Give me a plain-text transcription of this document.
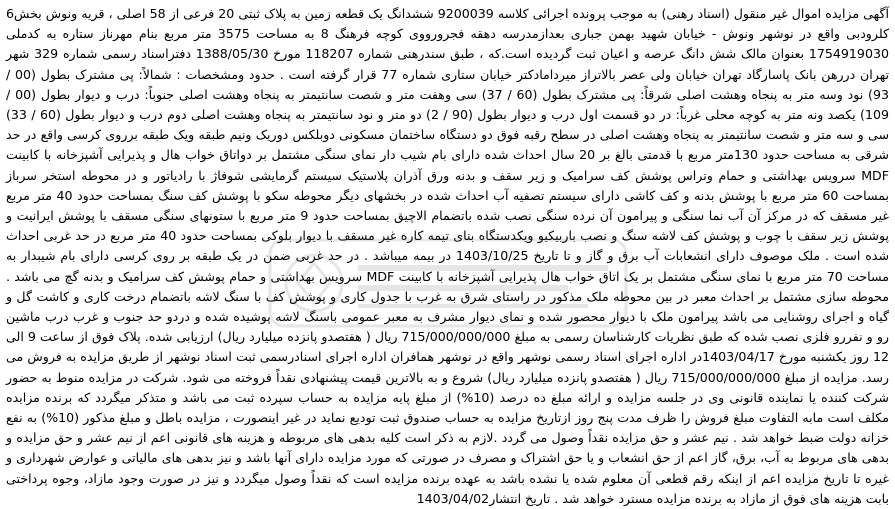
آگهی مزایده اموال غیر منقول (اسناد رهنی) به موجب پرونده اجرائی کلاسه 9200039 ششدانگ یک قطعه زمین به پلاک ثبتی 20 فرعی از 58 اصلی ، قریه ونوش بخش6 کلرودبی واقع در نوشهر ونوش - خیابان شهید بهمن جباری بعدازمدرسه دهقه فجرورووی کوچه فرهنگ 8 به مساحت 3575 متر مربع بنام مهرناز ستاره به کدملی 1754919030 بعنوان مالک شش دانگ عرصه و اعیان ثبت گردیده است.که ، طبق سندرهنی شماره 118207 مورخ 1388/05/30 دفتراسناد رسمی شماره 329 شهر تهران دررهن بانک پاسارگاد تهران خیابان ولی عصر بالاتراز میردامادکتر خیابان ستاری شماره 77 قرار گرفته است . حدود ومشخصات : شمالاً: پی مشترک بطول (00 / 93) نود وسه متر به پنجاه وهشت اصلی شرقاً: پی مشترک بطول (60 / 37) سی وهفت متر و شصت سانتیمتر به پنجاه وهشت اصلی جنوباً: درب و دیوار بطول (00 / 109) یکصد ونه متر به کوچه محلی غرباً: در دو قسمت اول درب و دیوار بطول (90 / 2) دو متر و نود سانتیمتر به پنجاه وهشت اصلی دوم درب و دیوار بطول (60 / 33) سی و سه متر و شصت سانتیمتر به پنجاه وهشت اصلی در سطح رقبه فوق دو دستگاه ساختمان مسکونی دوبلکس دوریک ونیم طبقه ویک طبقه برروی کرسی واقع در حد شرقی به مساحت حدود 130متر مربع با قدمتی بالغ بر 20 سال احداث شده دارای بام شیب دار نمای سنگی مشتمل بر دواتاق خواب هال و پذیرایی آشپزخانه با کابینت MDF سرویس بهداشتی و حمام وتراس پوشش کف سرامیک و زیر سقف و بدنه ورق آذران پلاستیک سیستم گرمایشی شوفاژ با رادیاتور و در محوطه استخر سرباز بمساحت 60 متر مربع با پوشش بدنه و کف کاشی دارای سیستم تصفیه آب احداث شده در بخشهای دیگر محوطه سکو با پوشش کف سنگ بمساحت حدود 40 متر مربع غیر مسقف که در مرکز آن آب نما سنگی و پیرامون آن نرده سنگی نصب شده باتضمام الاچیق بمساحت حدود 9 متر مربع با ستونهای سنگی مسقف با پوشش ایرانیت و پوشش زیر سقف با چوب و پوشش کف لاشه سنگ و نصب باربیکیو ویکدستگاه بنای تیمه کاره غیر مسقف با دیوار بلوکی بمساحت حدود 40 متر مربع در حد غربی احداث شده است . ملک موصوف دارای انشعابات آب برق و گاز و تا تاریخ 1403/10/25 در بیمه میباشد . در حد غربی ضمن در یک طبقه بر روی کرسی دارای بام شیبدار به مساحت 70 متر مربع با نمای سنگی مشتمل بر یک اتاق خواب هال پذیرایی آشپزخانه با کابینت MDF سرویس بهداشتی و حمام پوشش کف سرامیک و بدنه گچ می باشد . محوطه سازی مشتمل بر احداث معبر در بین محوطه ملک مذکور در راستای شرق به غرب با جدول کاری و پوشش کف با سنگ لاشه باتضمام درخت کاری و کاشت گل و گیاه و اجرای روشنایی می باشد پیرامون ملک با دیوار محصور شده و نمای دیوار مشرف به معبر عمومی باسنگ لاشه پوشیده شده و دردو حد جنوب و غرب درب ماشین رو و نفررو فلزی نصب شده که طبق نظریات کارشناسان رسمی به مبلغ 715/000/000/000 ریال ( هفتصدو پانزده میلیارد ریال) ارزیابی شده. پلاک فوق از ساعت 9 الی 12 روز یکشنبه مورخ 1403/04/17در اداره اجرای اسناد رسمی نوشهر واقع در نوشهر همافران اداره اجرای اسنادرسمی ثبت اسناد نوشهر از طریق مزایده به فروش می رسد. مزایده از مبلغ 715/000/000/000 ریال ( هفتصدو پانزده میلیارد ریال) شروع و به بالاترین قیمت پیشنهادی نقداً فروخته می شود. شرکت در مزایده منوط به حضور شرکت کننده یا نماینده قانونی وی در جلسه مزایده و ارائه مبلغ ده درصد (10%) از مبلغ پایه مزایده به حساب سپرده ثبت می باشد و متذکر میگردد که برنده مزایده مکلف است مابه التفاوت مبلغ فروش را ظرف مدت پنج روز ازتاریخ مزایده به حساب صندوق ثبت تودیع نماید در غیر اینصورت ، مزایده باطل و مبلغ مذکور (10%) به نفع خزانه دولت ضبط خواهد شد . نیم عشر و حق مزایده نقداً وصول می گردد .لازم به ذکر است کلیه بدهی های مربوطه و هزینه های قانونی اعم از نیم عشر و حق مزایده و بدهی های مربوط به آب، برق، گاز اعم از حق انشعاب و یا حق اشتراک و مصرف در صورتی که مورد مزایده دارای آنها باشد و نیز بدهی های مالیاتی و عوارض شهرداری و غیره تا تاریخ مزایده اعم از اینکه رقم قطعی آن معلوم شده یا نشده باشد به عهده برنده مزایده است که نقداً وصول میگردد و نیز در صورت وجود مازاد، وجوه پرداختی بابت هزینه های فوق از مازاد به برنده مزایده مسترد خواهد شد . تاریخ انتشار1403/04/02
